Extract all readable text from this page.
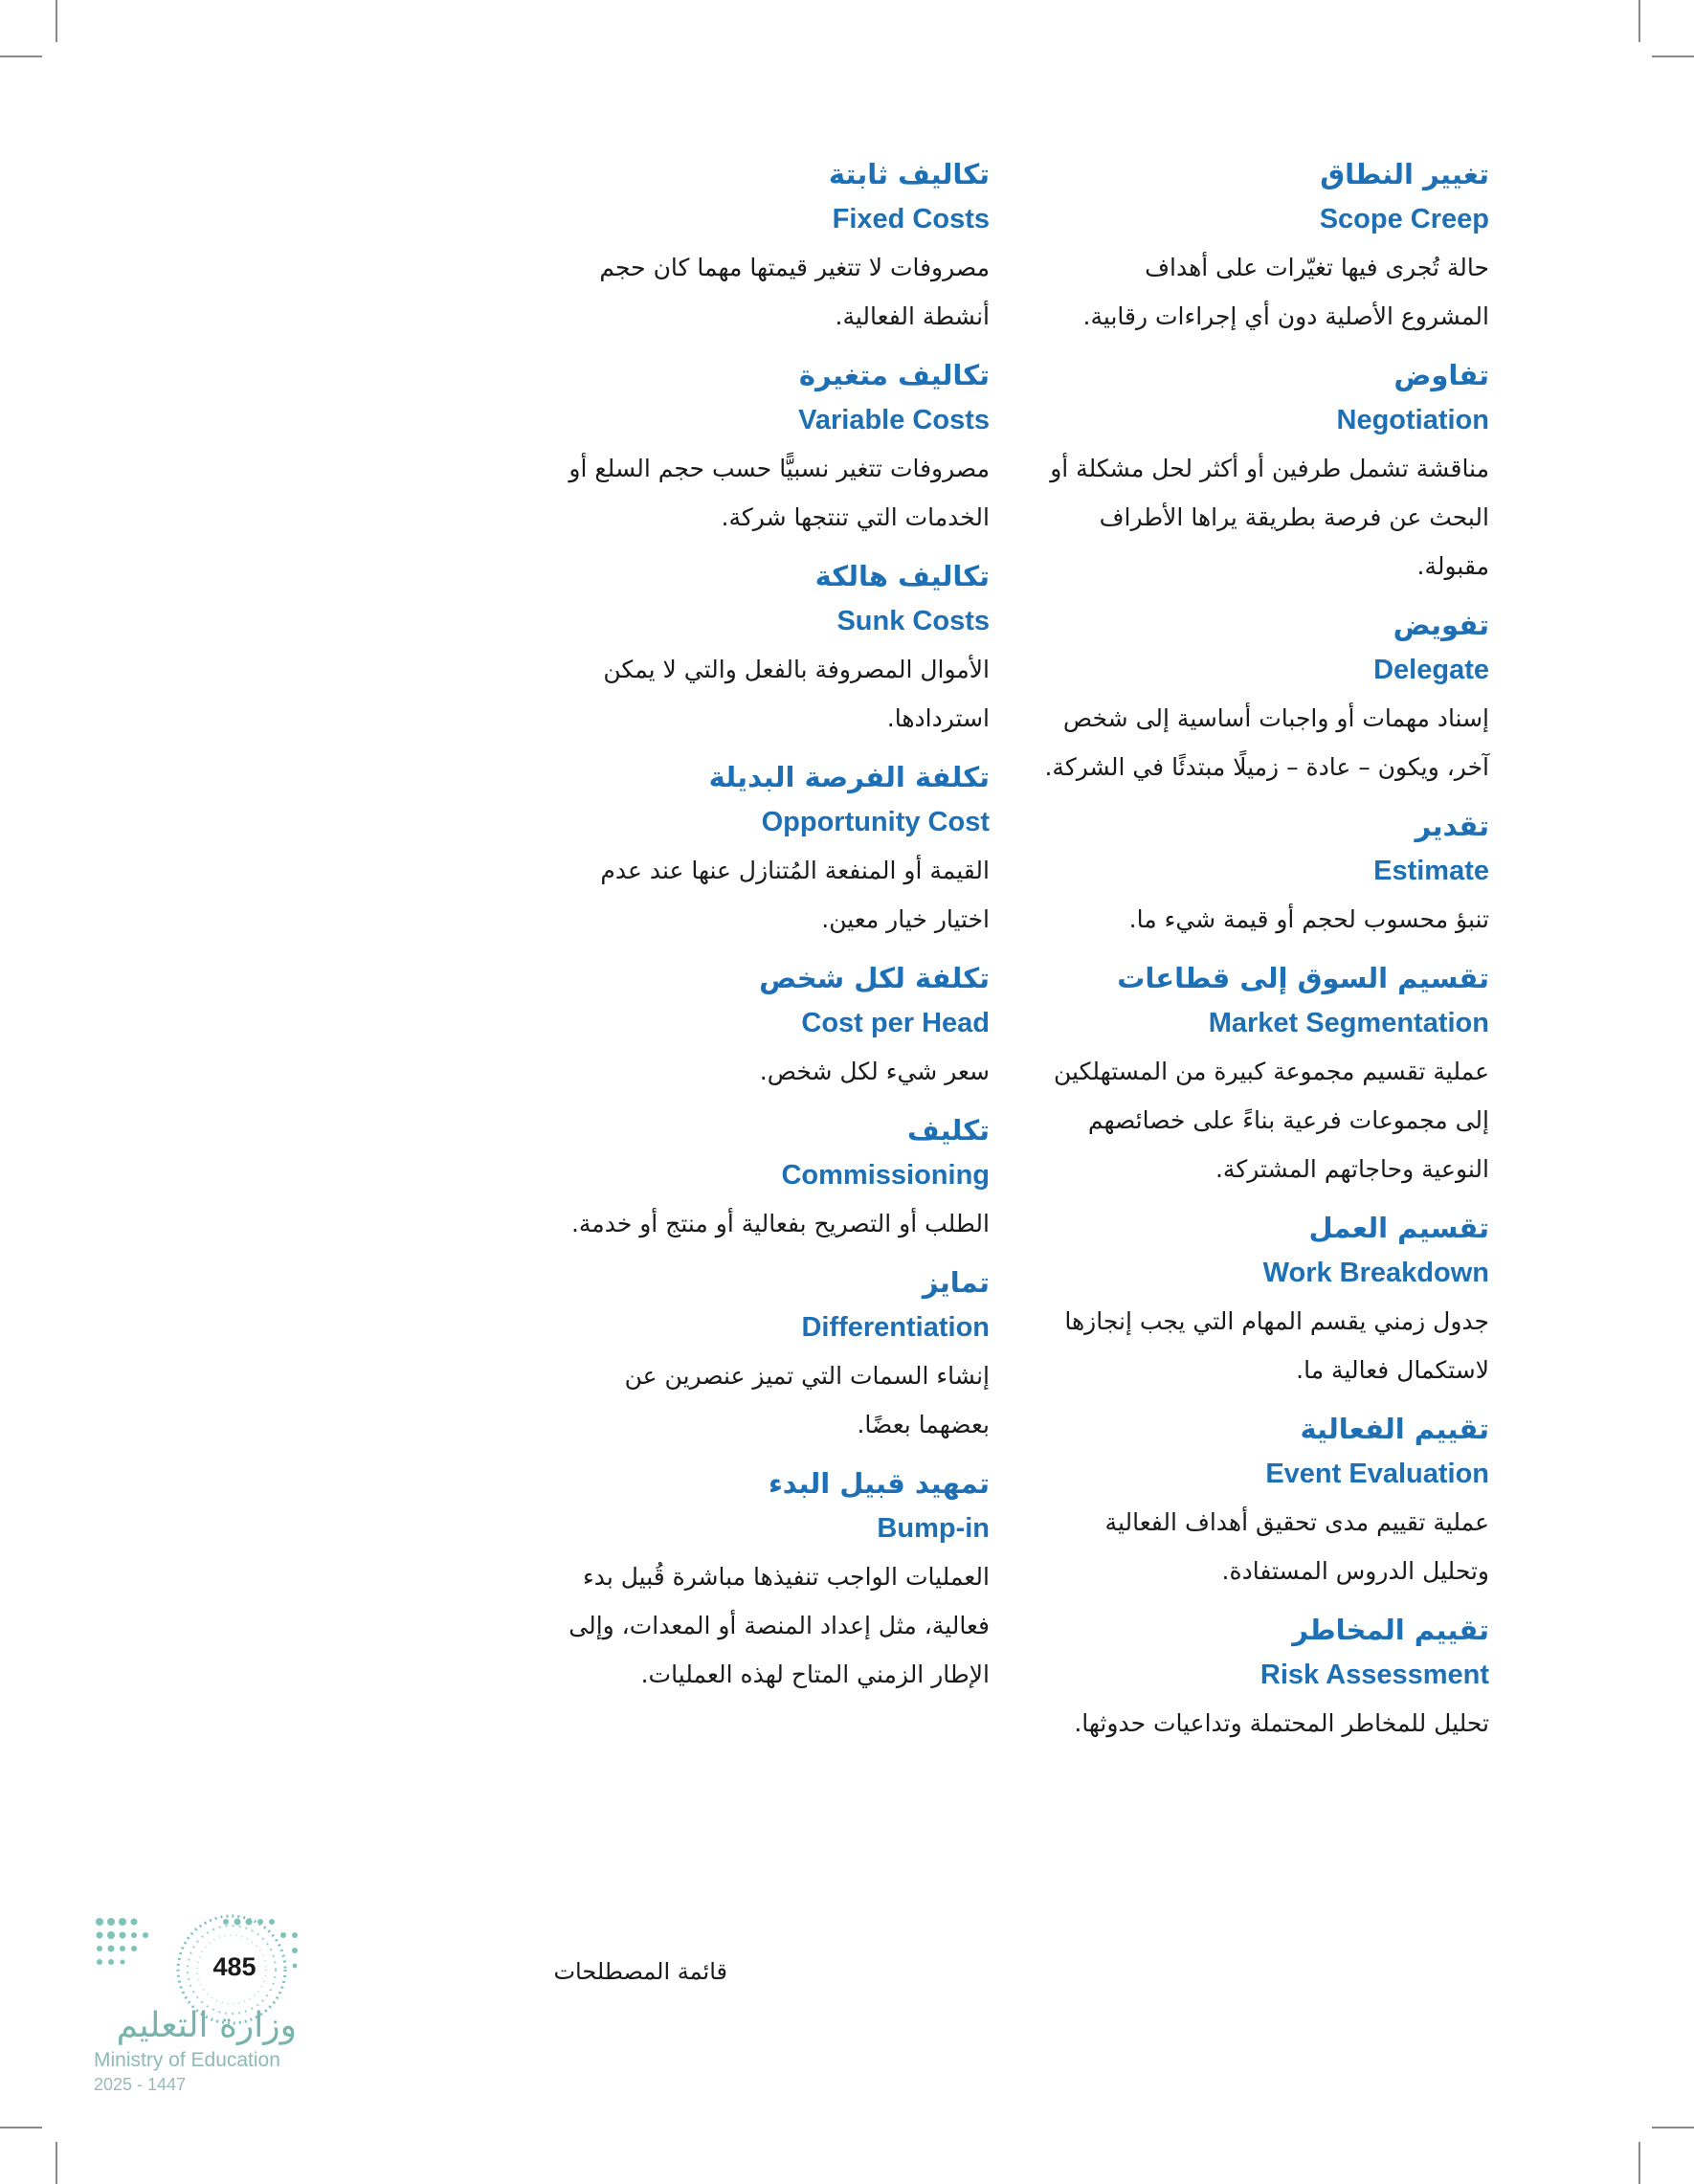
تغيير النطاق
Scope Creep

حالة تُجرى فيها تغيّرات على أهداف

المشروع الأصلية دون أي إجراءات رقابية.

تفاوض
Negotiation

مناقشة تشمل طرفين أو أكثر لحل مشكلة أو

البحث عن فرصة بطريقة يراها الأطراف

مقبولة.

تفويض
Delegate

إسناد مهمات أو واجبات أساسية إلى شخص

آخر، ويكون – عادة – زميلًا مبتدئًا في الشركة.

تقدير
Estimate

تنبؤ محسوب لحجم أو قيمة شيء ما.

تقسيم السوق إلى قطاعات
Market Segmentation

عملية تقسيم مجموعة كبيرة من المستهلكين

إلى مجموعات فرعية بناءً على خصائصهم

النوعية وحاجاتهم المشتركة.

تقسيم العمل
Work Breakdown

جدول زمني يقسم المهام التي يجب إنجازها

لاستكمال فعالية ما.

تقييم الفعالية
Event Evaluation

عملية تقييم مدى تحقيق أهداف الفعالية

وتحليل الدروس المستفادة.

تقييم المخاطر
Risk Assessment

تحليل للمخاطر المحتملة وتداعيات حدوثها.

تكاليف ثابتة
Fixed Costs

مصروفات لا تتغير قيمتها مهما كان حجم

أنشطة الفعالية.

تكاليف متغيرة
Variable Costs

مصروفات تتغير نسبيًّا حسب حجم السلع أو

الخدمات التي تنتجها شركة.

تكاليف هالكة
Sunk Costs

الأموال المصروفة بالفعل والتي لا يمكن

استردادها.

تكلفة الفرصة البديلة
Opportunity Cost

القيمة أو المنفعة المُتنازل عنها عند عدم

اختيار خيار معين.

تكلفة لكل شخص
Cost per Head

سعر شيء لكل شخص.

تكليف
Commissioning

الطلب أو التصريح بفعالية أو منتج أو خدمة.

تمايز
Differentiation

إنشاء السمات التي تميز عنصرين عن

بعضهما بعضًا.

تمهيد قبيل البدء
Bump-in

العمليات الواجب تنفيذها مباشرة قُبيل بدء

فعالية، مثل إعداد المنصة أو المعدات، وإلى

الإطار الزمني المتاح لهذه العمليات.

قائمة المصطلحات
485
وزارة التعليم
Ministry of Education
2025 - 1447
